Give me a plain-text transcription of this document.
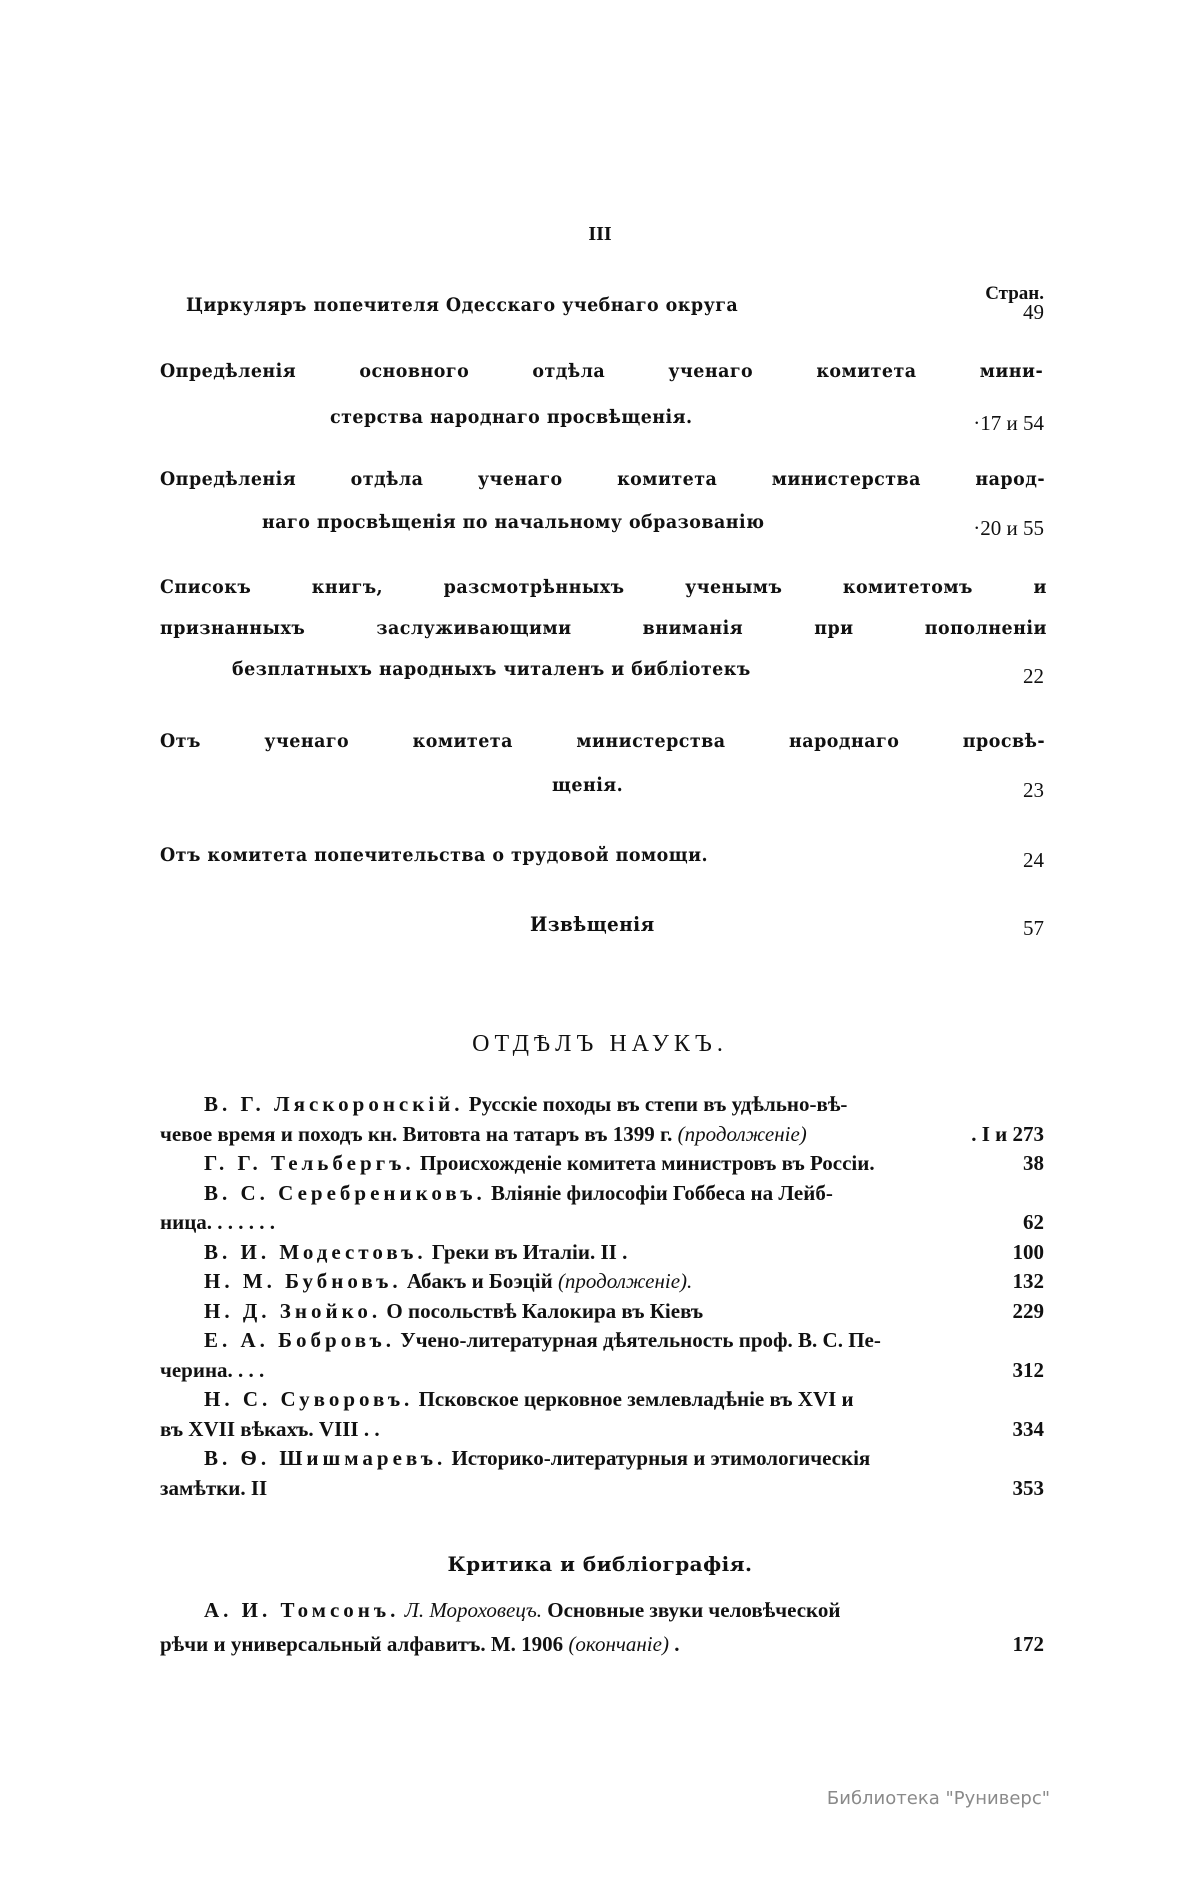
III
Стран.
Циркуляръ попечителя Одесскаго учебнаго округа	49
Опредѣленія основного отдѣла ученаго комитета мини-
стерства народнаго просвѣщенія.	·17 и 54
Опредѣленія отдѣла ученаго комитета министерства народ-
наго просвѣщенія по начальному образованію	·20 и 55
Списокъ книгъ, разсмотрѣнныхъ ученымъ комитетомъ и
признанныхъ заслуживающими вниманія при пополненіи
безплатныхъ народныхъ читаленъ и библіотекъ	22
Отъ ученаго комитета министерства народнаго просвѣ-
щенія.	23
Отъ комитета попечительства о трудовой помощи.	24
Извѣщенія	57
ОТДѢЛЪ НАУКЪ.
В. Г. Ляскоронскій. Русскіе походы въ степи въ удѣльно-вѣ-
чевое время и походъ кн. Витовта на татаръ въ 1399 г. (продолженіе)	. I и 273
Г. Г. Тельбергъ. Происхожденіе комитета министровъ въ Россіи.	38
В. С. Серебрениковъ. Вліяніе философіи Гоббеса на Лейб-
ница. . . . . . .	62
В. И. Модестовъ. Греки въ Италіи. II .	100
Н. М. Бубновъ. Абакъ и Боэцій (продолженіе).	132
Н. Д. Знойко. О посольствѣ Калокира въ Кіевъ	229
Е. А. Бобровъ. Учено-литературная дѣятельность проф. В. С. Пе-
черина. . . .	312
Н. С. Суворовъ. Псковское церковное землевладѣніе въ XVI и
въ XVII вѣкахъ. VIII . .	334
В. Ѳ. Шишмаревъ. Историко-литературныя и этимологическія
замѣтки. II	353
Критика и библіографія.
А. И. Томсонъ. Л. Мороховецъ. Основные звуки человѣческой
рѣчи и универсальный алфавитъ. М. 1906 (окончаніе) .	172
Библиотека "Руниверс"
